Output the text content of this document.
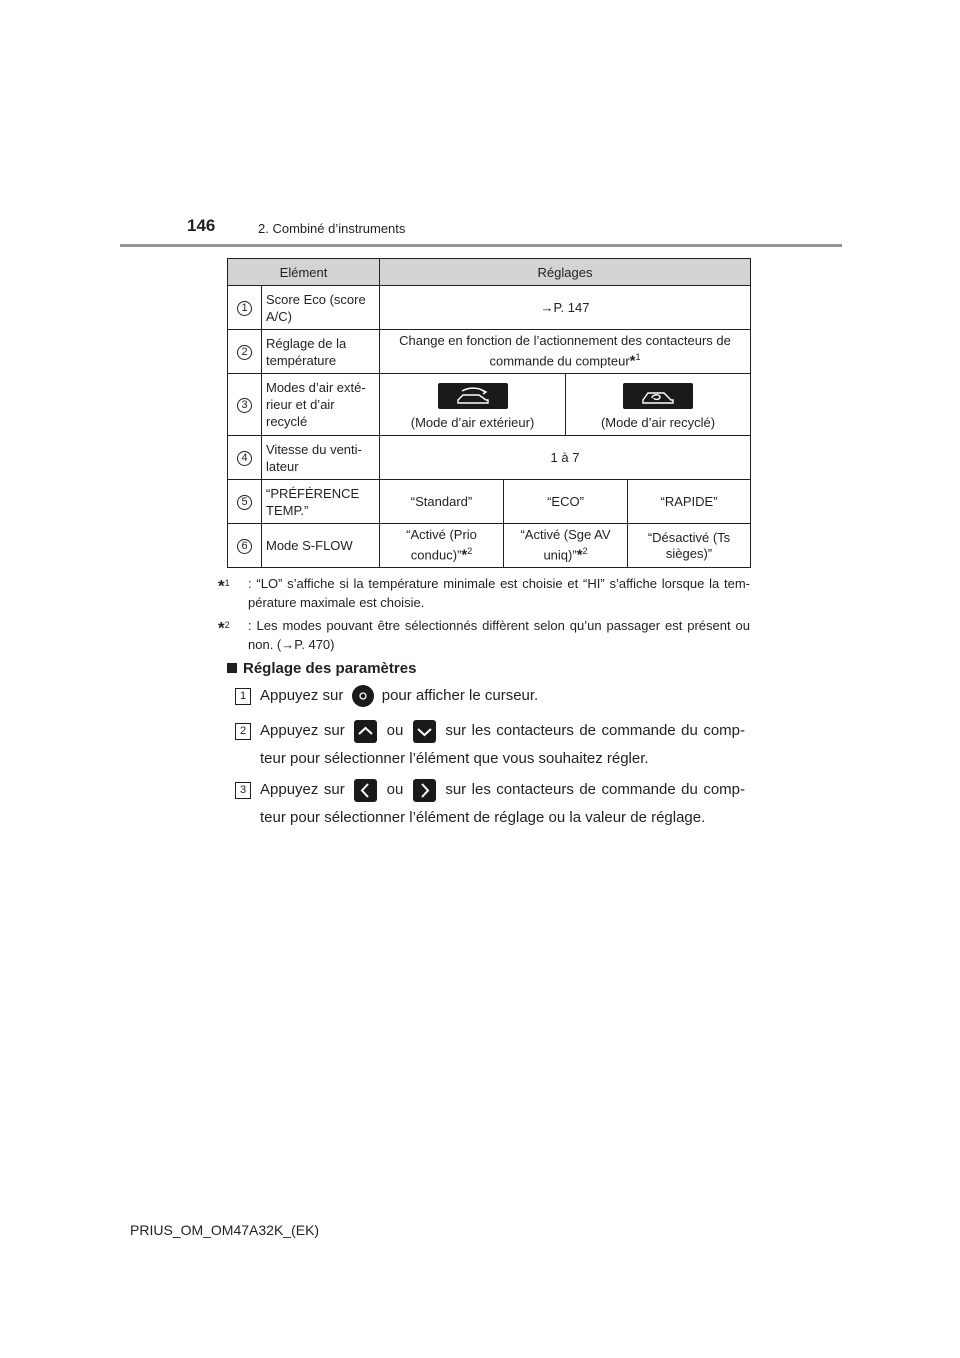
146	2. Combiné d’instruments
Elément		Réglages			
1	Score Eco (score A/C)	→P. 147			
2	Réglage de la température	Change en fonction de l’actionnement des contacteurs de commande du compteur*$^1$
3	Modes d’air exté-rieur et d’air recyclé	(Mode d’air extérieur)		(Mode d’air recyclé)	

4	Vitesse du venti-lateur	1 à 7			
5	“PRÉFÉRENCE TEMP.”	“Standard”	“ECO”		“RAPIDE”
6	Mode S-FLOW	“Activé (Prio conduc)”*$^2$	“Activé (Sge AV uniq)”*$^2$		“Désactivé (Ts sièges)”
*$^1$	: “LO” s’affiche si la température minimale est choisie et “HI” s’affiche lorsque la tem-pérature maximale est choisie.
*$^2$	: Les modes pouvant être sélectionnés diffèrent selon qu’un passager est présent ou non. (→P. 470)
Réglage des paramètres
1 Appuyez sur	pour afficher le curseur.
2 Appuyez sur	ou	sur les contacteurs de commande du comp-teur pour sélectionner l’élément que vous souhaitez régler.
3 Appuyez sur	ou	sur les contacteurs de commande du comp-teur pour sélectionner l’élément de réglage ou la valeur de réglage.
PRIUS_OM_OM47A32K_(EK)
